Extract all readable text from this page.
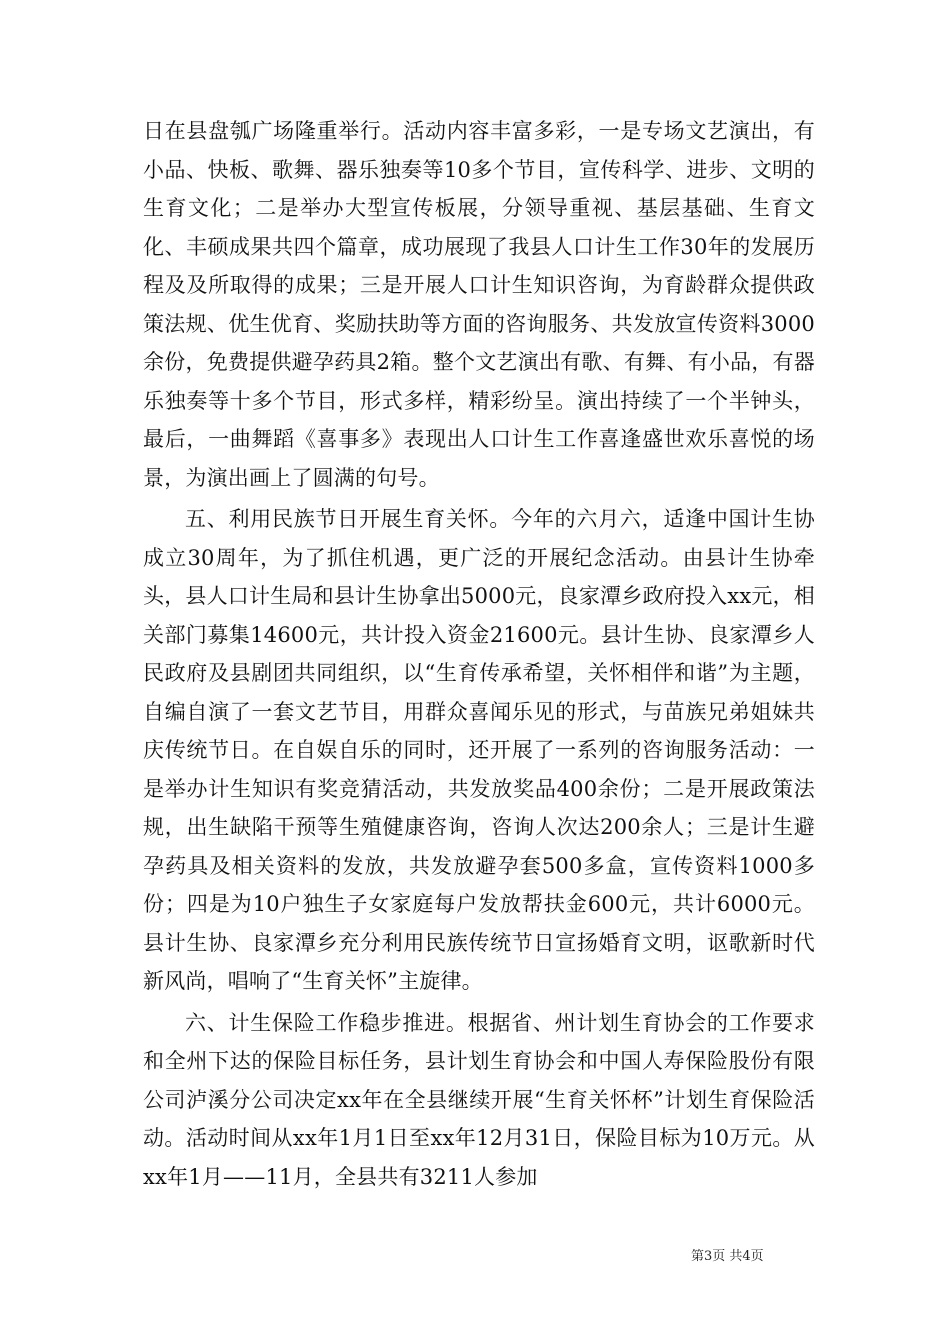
日在县盘瓠广场隆重举行。活动内容丰富多彩，一是专场文艺演出，有小品、快板、歌舞、器乐独奏等10多个节目，宣传科学、进步、文明的生育文化；二是举办大型宣传板展，分领导重视、基层基础、生育文化、丰硕成果共四个篇章，成功展现了我县人口计生工作30年的发展历程及及所取得的成果；三是开展人口计生知识咨询，为育龄群众提供政策法规、优生优育、奖励扶助等方面的咨询服务、共发放宣传资料3000余份，免费提供避孕药具2箱。整个文艺演出有歌、有舞、有小品，有器乐独奏等十多个节目，形式多样，精彩纷呈。演出持续了一个半钟头，最后，一曲舞蹈《喜事多》表现出人口计生工作喜逢盛世欢乐喜悦的场景，为演出画上了圆满的句号。

五、利用民族节日开展生育关怀。今年的六月六，适逢中国计生协成立30周年，为了抓住机遇，更广泛的开展纪念活动。由县计生协牵头，县人口计生局和县计生协拿出5000元，良家潭乡政府投入xx元，相关部门募集14600元，共计投入资金21600元。县计生协、良家潭乡人民政府及县剧团共同组织，以“生育传承希望，关怀相伴和谐”为主题，自编自演了一套文艺节目，用群众喜闻乐见的形式，与苗族兄弟姐妹共庆传统节日。在自娱自乐的同时，还开展了一系列的咨询服务活动：一是举办计生知识有奖竞猜活动，共发放奖品400余份；二是开展政策法规，出生缺陷干预等生殖健康咨询，咨询人次达200余人；三是计生避孕药具及相关资料的发放，共发放避孕套500多盒，宣传资料1000多份；四是为10户独生子女家庭每户发放帮扶金600元，共计6000元。县计生协、良家潭乡充分利用民族传统节日宣扬婚育文明，讴歌新时代新风尚，唱响了“生育关怀”主旋律。

六、计生保险工作稳步推进。根据省、州计划生育协会的工作要求和全州下达的保险目标任务，县计划生育协会和中国人寿保险股份有限公司泸溪分公司决定xx年在全县继续开展“生育关怀杯”计划生育保险活动。活动时间从xx年1月1日至xx年12月31日，保险目标为10万元。从xx年1月——11月，全县共有3211人参加

第3页 共4页
